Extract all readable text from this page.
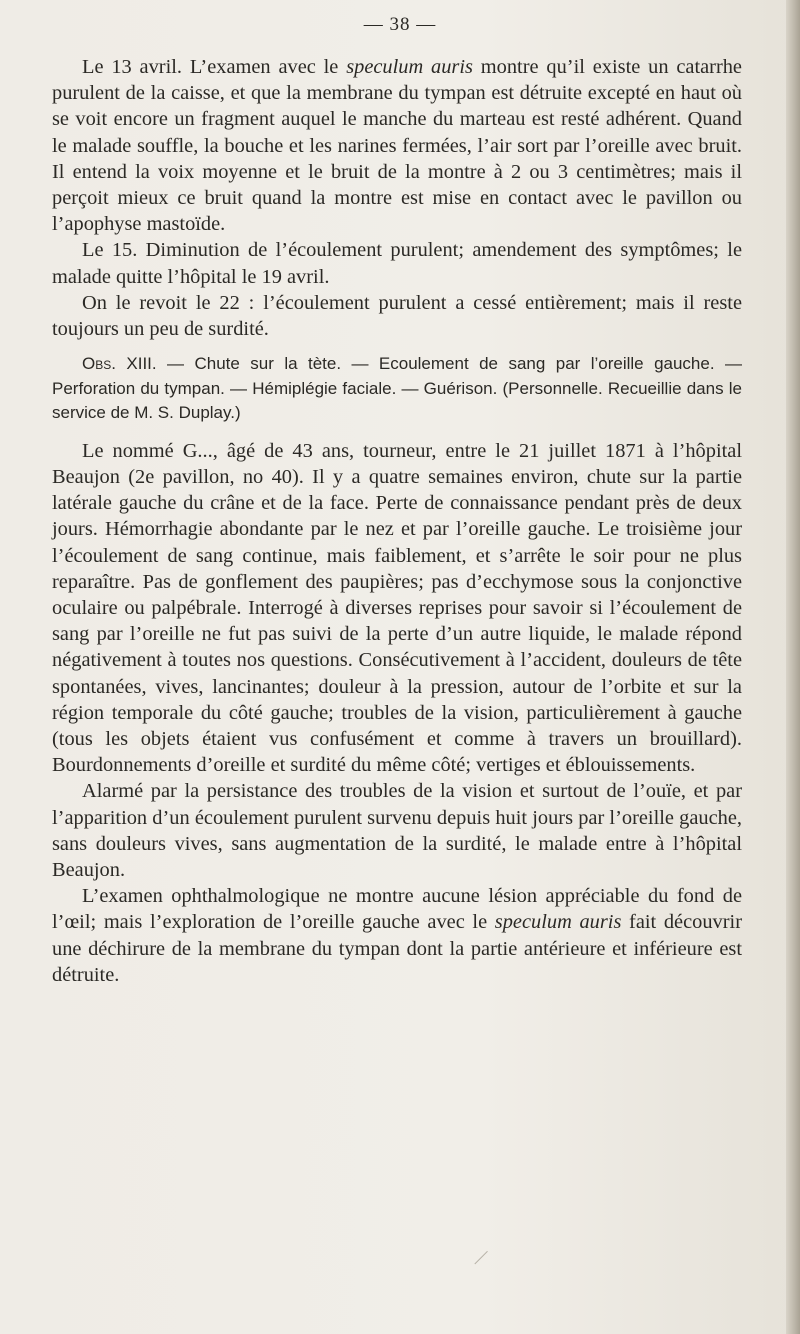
— 38 —

Le 13 avril. L’examen avec le speculum auris montre qu’il existe un catarrhe purulent de la caisse, et que la membrane du tympan est détruite excepté en haut où se voit encore un fragment auquel le manche du marteau est resté adhérent. Quand le malade souffle, la bouche et les narines fermées, l’air sort par l’oreille avec bruit. Il entend la voix moyenne et le bruit de la montre à 2 ou 3 centimètres; mais il perçoit mieux ce bruit quand la montre est mise en contact avec le pavillon ou l’apophyse mastoïde.

Le 15. Diminution de l’écoulement purulent; amendement des symptômes; le malade quitte l’hôpital le 19 avril.

On le revoit le 22 : l’écoulement purulent a cessé entièrement; mais il reste toujours un peu de surdité.

Obs. XIII. — Chute sur la tète. — Ecoulement de sang par l’oreille gauche. — Perforation du tympan. — Hémiplégie faciale. — Guérison. (Personnelle. Recueillie dans le service de M. S. Duplay.)

Le nommé G..., âgé de 43 ans, tourneur, entre le 21 juillet 1871 à l’hôpital Beaujon (2e pavillon, no 40). Il y a quatre semaines environ, chute sur la partie latérale gauche du crâne et de la face. Perte de connaissance pendant près de deux jours. Hémorrhagie abondante par le nez et par l’oreille gauche. Le troisième jour l’écoulement de sang continue, mais faiblement, et s’arrête le soir pour ne plus reparaître. Pas de gonflement des paupières; pas d’ecchymose sous la conjonctive oculaire ou palpébrale. Interrogé à diverses reprises pour savoir si l’écoulement de sang par l’oreille ne fut pas suivi de la perte d’un autre liquide, le malade répond négativement à toutes nos questions. Consécutivement à l’accident, douleurs de tête spontanées, vives, lancinantes; douleur à la pression, autour de l’orbite et sur la région temporale du côté gauche; troubles de la vision, particulièrement à gauche (tous les objets étaient vus confusément et comme à travers un brouillard). Bourdonnements d’oreille et surdité du même côté; vertiges et éblouissements.

Alarmé par la persistance des troubles de la vision et surtout de l’ouïe, et par l’apparition d’un écoulement purulent survenu depuis huit jours par l’oreille gauche, sans douleurs vives, sans augmentation de la surdité, le malade entre à l’hôpital Beaujon.

L’examen ophthalmologique ne montre aucune lésion appréciable du fond de l’œil; mais l’exploration de l’oreille gauche avec le speculum auris fait découvrir une déchirure de la membrane du tympan dont la partie antérieure et inférieure est détruite.
